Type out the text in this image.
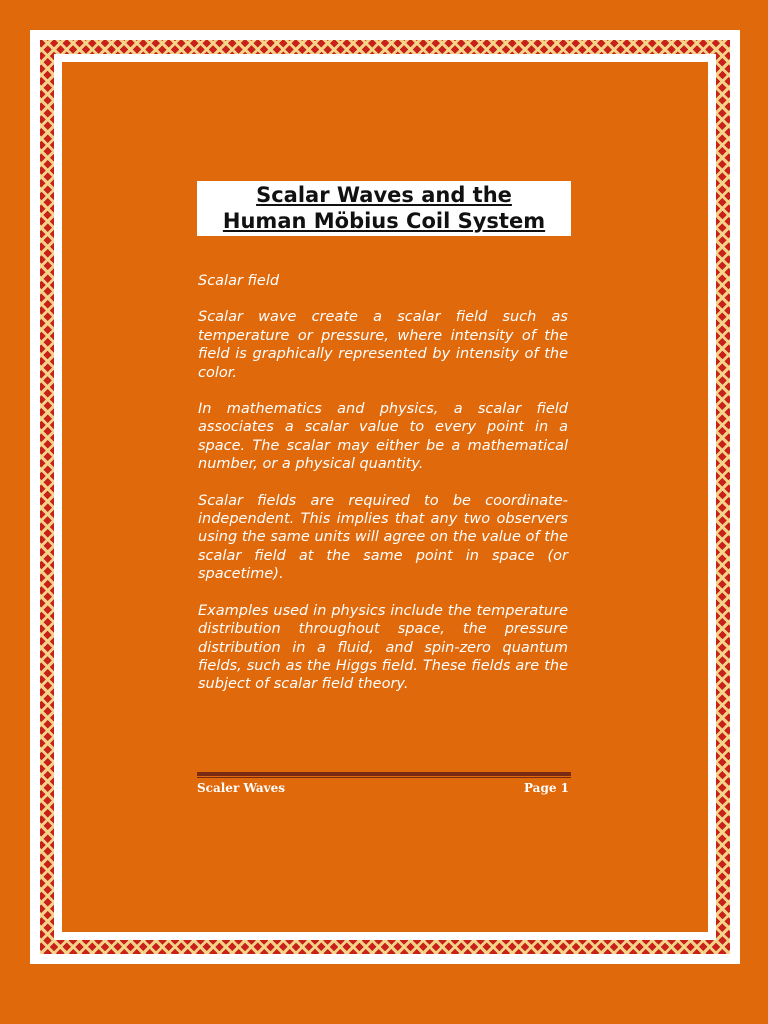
Scalar Waves and the
Human Möbius Coil System

Scalar field

Scalar wave create a scalar field such as temperature or pressure, where intensity of the field is graphically represented by intensity of the color.

In mathematics and physics, a scalar field associates a scalar value to every point in a space. The scalar may either be a mathematical number, or a physical quantity.

Scalar fields are required to be coordinate-independent. This implies that any two observers using the same units will agree on the value of the scalar field at the same point in space (or spacetime).

Examples used in physics include the temperature distribution throughout space, the pressure distribution in a fluid, and spin-zero quantum fields, such as the Higgs field. These fields are the subject of scalar field theory.

Scaler Waves	Page 1
